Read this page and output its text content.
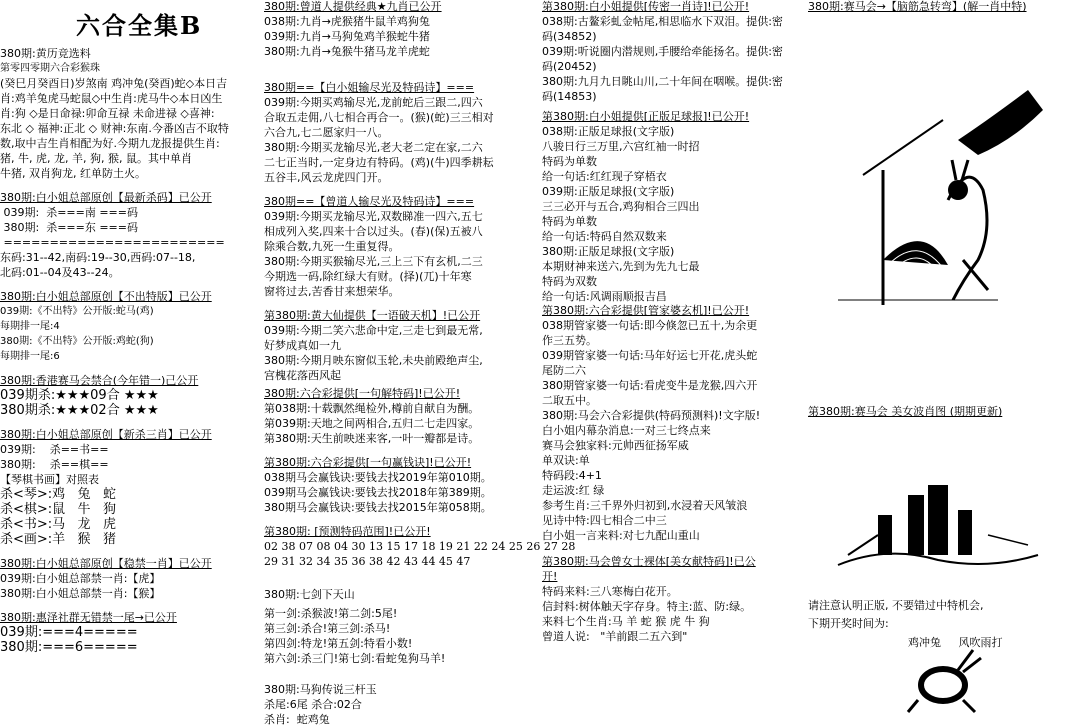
六合全集B
380期:黄历竞选料
第零四零期六合彩猴珠
(癸巳月癸酉日)岁煞南 鸡冲兔(癸酉)蛇◇本日吉
肖:鸡羊兔虎马蛇鼠◇中生肖:虎马牛◇本日凶生
肖:狗 ◇是日命禄:卯命互禄 未命进禄 ◇喜神:
东北 ◇ 福神:正北 ◇ 财神:东南.今番凶吉不取特
数,取中吉生肖相配为好.今期九龙报提供生肖:
猪, 牛, 虎, 龙, 羊, 狗, 猴, 鼠。其中单肖
牛猪, 双肖狗龙, 红单防土火。
380期:白小姐总部原创【最新杀码】已公开
039期:  杀===南 ===码
380期:  杀===东 ===码
========================
东码:31--42,南码:19--30,西码:07--18,
北码:01--04及43--24。
380期:白小姐总部原创【不出特版】已公开
039期:《不出特》公开版:蛇马(鸡)
每期排一尾:4
380期:《不出特》公开版:鸡蛇(狗)
每期排一尾:6
380期:香港赛马会禁合(今年错一)己公开
039期杀:★★★09合 ★★★
380期杀:★★★02合 ★★★
380期:白小姐总部原创【新杀三肖】已公开
039期:    杀==书==
380期:    杀==棋==
【琴棋书画】对照表
杀<琴>:鸡   兔   蛇
杀<棋>:鼠   牛   狗
杀<书>:马   龙   虎
杀<画>:羊   猴   猪
380期:白小姐总部原创【稳禁一肖】已公开
039期:白小姐总部禁一肖:【虎】
380期:白小姐总部禁一肖:【猴】
380期:惠泽社群无错禁一尾→已公开
039期:===4=====
380期:===6=====
380期:曾道人提供经典★九肖已公开
038期:九肖→虎猴猪牛鼠羊鸡狗兔
039期:九肖→马狗兔鸡羊猴蛇牛猪
380期:九肖→兔猴牛猪马龙羊虎蛇
380期==【白小姐输尽光及特码诗】===
039期:今期买鸡输尽光,龙前蛇后三跟二,四六
合取五走佣,八七相合再合一。(猴)(蛇)三三相对
六合九,七二愿家归一八。
380期:今期买龙输尽光,老大老二定在家,二六
二七正当时,一定身边有特码。(鸡)(牛)四季耕耘
五谷丰,风云龙虎四门开。
380期==【曾道人输尽光及特码诗】===
039期:今期买龙输尽光,双数睇准一四六,五七
相成列入奖,四来十合以过头。(春)(保)五被八
除乘合数,九死一生重复得。
380期:今期买猴输尽光,三上三下有玄机,二三
今期选一码,除红绿大有财。(择)(兀)十年寒
窗将过去,苦香甘来想荣华。
第380期:黄大仙提供【一语破天机】!已公开
039期:今期二笑六悲命中定,三走七到最无常,
好梦成真如一九
380期:今期月映东窗似玉轮,未央前殿绝声尘,
宫槐花落西风起
380期:六合彩提供[一句解特码]!已公开!
第038期:十载飘然绳检外,樽前自献自为酬。
第039期:天地之间两相合,五归二七走四家。
第380期:天生前映迷来客,一叶一瓣都是诗。
第380期:六合彩提供[一句赢钱诀]!已公开!
038期马会赢钱诀:要钱去找2019年第010期。
039期马会赢钱诀:要钱去找2018年第389期。
380期马会赢钱诀:要钱去找2015年第058期。
第380期: [预测特码范围]!已公开!
02 38 07 08 04 30 13 15 17 18 19 21 22 24 25 26 27 28
29 31 32 34 35 36 38 42 43 44 45 47
380期:七剑下天山
第一剑:杀猴波!第二剑:5尾!
第三剑:杀合!第三剑:杀马!
第四剑:特龙!第五剑:特看小数!
第六剑:杀三门!第七剑:看蛇兔狗马羊!
380期:马狗传说三杆玉
杀尾:6尾 杀合:02合
杀肖:  蛇鸡兔
第380期:白小姐提供[传密一肖诗]!已公开!
038期:古鳌彩虬金帖尾,相思临水下双泪。提供:密
码(34852)
039期:听说圈内潜规则,手腰给牵能扬名。提供:密
码(20452)
380期:九月九日眺山川,二十年间在咽喉。提供:密
码(14853)
第380期:白小姐提供[正版足球报]!已公开!
038期:正版足球报(文字版)
八骏日行三万里,六宫红袖一时招
特码为单数
给一句话:红红现子穿梧衣
039期:正版足球报(文字版)
三三必开与五合,鸡狗相合三四出
特码为单数
给一句话:特码自然双数来
380期:正版足球报(文字版)
本期财神来送六,先到为先九七最
特码为双数
给一句话:风调雨顺报吉昌
第380期:六合彩提供[管家婆玄机]!已公开!
038期管家婆一句话:即今倏忽已五十,为余更
作三五势。
039期管家婆一句话:马年好运七开花,虎头蛇
尾防二六
380期管家婆一句话:看虎变牛是龙猴,四六开
二取五中。
380期:马会六合彩提供(特码预测料)!文字版!
白小姐内幕杂消息:一对三七终点来
赛马会独家料:元帅西征扬军威
单双诀:单
特码段:4+1
走运波:红 绿
参考生肖:三千界外归初到,水浸着天风皱浪
见诗中特:四七相合二中三
白小姐一言来料:对七九配山重山
第380期:马会曾女士裸体[美女献特码]!已公
开!
特码来料:三八寒梅白花开。
信封料:树体触天字存身。特主:蓝、防:绿。
来料七个生肖:马 羊 蛇 猴 虎 牛 狗
曾道人说:   "羊前跟二五六到"
380期:赛马会→【脑筋急转弯】(解一肖中特)
第380期:赛马会 美女波肖图 (期期更新)
请注意认明正版, 不要错过中特机会,
下期开奖时间为: 鸡冲兔     风吹雨打
